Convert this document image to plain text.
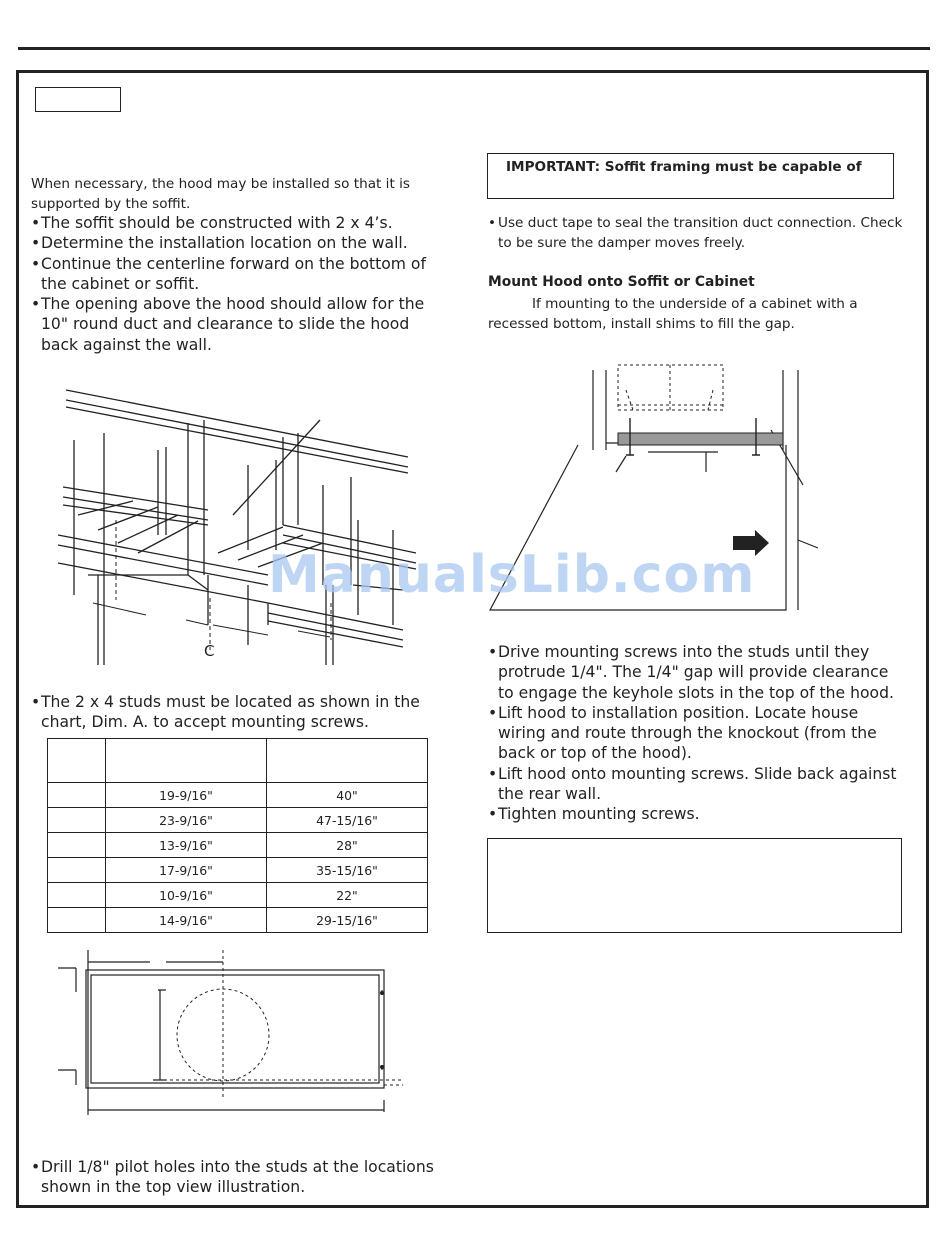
When necessary, the hood may be installed so that it is supported by the soffit.
• The soffit should be constructed with 2 x 4’s.
• Determine the installation location on the wall.
• Continue the centerline forward on the bottom of the cabinet or soffit.
• The opening above the hood should allow for the 10" round duct and clearance to slide the hood back against the wall.
C
• The 2 x 4 studs must be located as shown in the chart, Dim. A. to accept mounting screws.

	19-9/16"	40"
	23-9/16"	47-15/16"
	13-9/16"	28"
	17-9/16"	35-15/16"
	10-9/16"	22"
	14-9/16"	29-15/16"
• Drill 1/8" pilot holes into the studs at the locations shown in the top view illustration.
IMPORTANT: Soffit framing must be capable of
• Use duct tape to seal the transition duct connection. Check to be sure the damper moves freely.
Mount Hood onto Soffit or Cabinet
If mounting to the underside of a cabinet with a recessed bottom, install shims to fill the gap.
• Drive mounting screws into the studs until they protrude 1/4". The 1/4" gap will provide clearance to engage the keyhole slots in the top of the hood.
• Lift hood to installation position. Locate house wiring and route through the knockout (from the back or top of the hood).
• Lift hood onto mounting screws. Slide back against the rear wall.
• Tighten mounting screws.
ManualsLib.com
